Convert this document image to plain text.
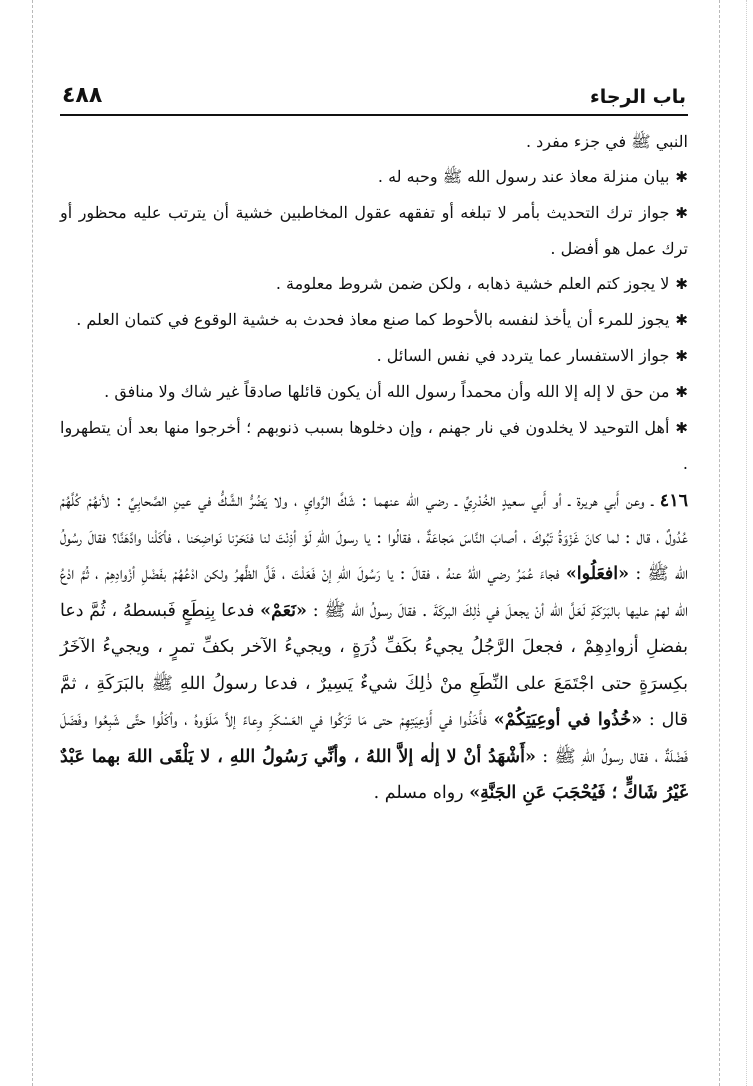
باب الرجاء
٤٨٨

النبي ﷺ في جزء مفرد .

✱بيان منزلة معاذ عند رسول الله ﷺ وحبه له .

✱جواز ترك التحديث بأمر لا تبلغه أو تفقهه عقول المخاطبين خشية أن يترتب عليه محظور أو ترك عمل هو أفضل .

✱لا يجوز كتم العلم خشية ذهابه ، ولكن ضمن شروط معلومة .

✱يجوز للمرء أن يأخذ لنفسه بالأحوط كما صنع معاذ فحدث به خشية الوقوع في كتمان العلم .

✱جواز الاستفسار عما يتردد في نفس السائل .

✱من حق لا إله إلا الله وأن محمداً رسول الله أن يكون قائلها صادقاً غير شاك ولا منافق .

✱أهل التوحيد لا يخلدون في نار جهنم ، وإن دخلوها بسبب ذنوبهم ؛ أخرجوا منها بعد أن يتطهروا .

٤١٦ ـ وعن أَبي هريرة ـ أو أَبي سعيدٍ الخُدْرِيِّ ـ رضي الله عنهما : شَكَّ الرَّوايِ ، ولا يَضُرُّ الشَّكُّ في عينِ الصَّحابِيِّ : لأنهُمْ كُلَّهُمْ عُدُولٌ ، قال : لما كانَ غَزْوَةُ تَبُوكَ ، أصابَ النَّاسَ مَجاعَةٌ ، فقالُوا : يا رسولَ اللهِ لَوْ أذِنْتَ لنا فنَحَرْنا نَواضِحَنا ، فأكَلْنا وادَّهَنَّا؟ فقالَ رسُولُ الله ﷺ : «افعَلُوا» فجاءَ عُمَرُ رضي اللهُ عنهُ ، فقالَ : يا رَسُولَ اللهِ إنْ فَعَلْتَ ، قَلَّ الظَّهرُ ولكن ادْعُهُمْ بفَضْلِ أزْوادِهِمْ ، ثُمَّ ادْعُ الله لهمْ عليها بالبَرَكَةِ لَعَلَّ الله أنْ يجعلَ في ذٰلِكَ البركَةَ . فقالَ رسولُ الله ﷺ : «نَعَمْ» فدعا بِنِطَعٍ فَبسطهُ ، ثُمَّ دعا بفضلِ أزوادِهِمْ ، فجعلَ الرَّجُلُ يجيءُ بكَفِّ ذُرَةٍ ، ويجيءُ الآخر بكفِّ تمرٍ ، ويجيءُ الآخَرُ بكِسرَةٍ حتى اجْتَمَعَ على النِّطَعِ منْ ذٰلِكَ شيءٌ يَسِيرٌ ، فدعا رسولُ اللهِ ﷺ بالبَرَكَةِ ، ثمَّ قال : «خُذُوا في أوعِيَتِكُمْ» فأَخَذُوا في أَوْعِيَتِهِمْ حتى مَا تَرَكُوا في العَسْكَرِ وِعاءً إلاَّ مَلَؤوهُ ، وأكَلُوا حتَّى شَبِعُوا وفَضَلَ فَضْلَةٌ ، فقال رسولُ اللهِ ﷺ : «أَشْهَدُ أنْ لا إلٰه إلاَّ اللهُ ، وأنِّي رَسُولُ اللهِ ، لا يَلْقَى اللهَ بهما عَبْدٌ غَيْرُ شَاكٍّ ؛ فَيُحْجَبَ عَنِ الجَنَّةِ» رواه مسلم .
